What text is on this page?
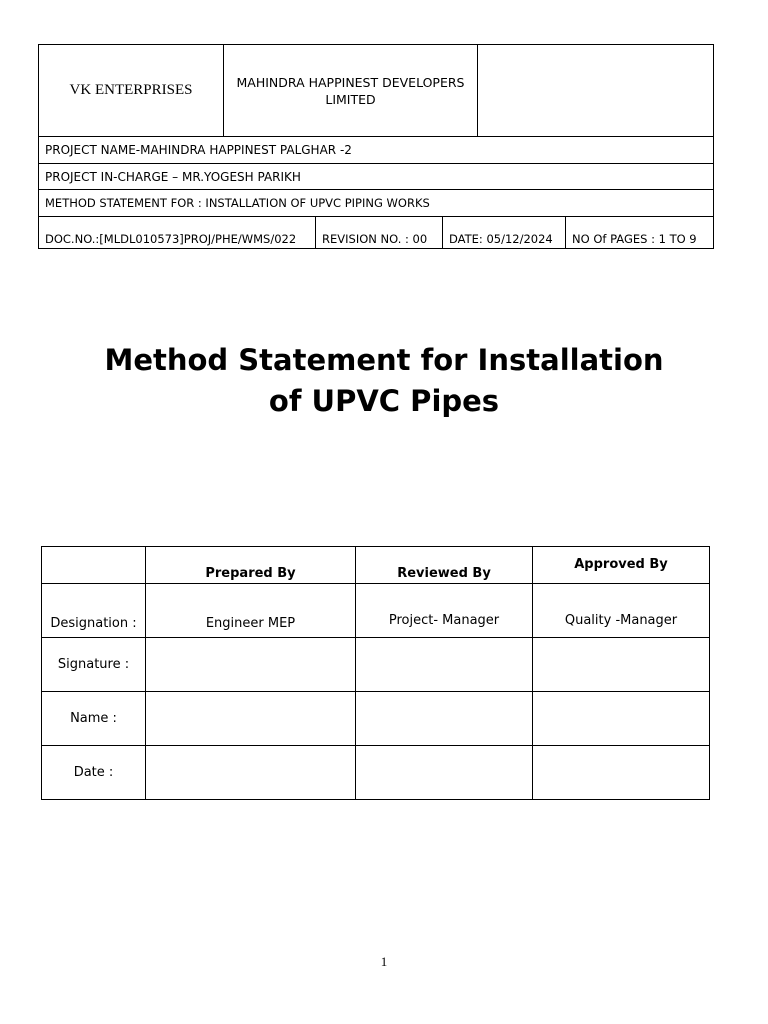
VK ENTERPRISES	MAHINDRA HAPPINEST DEVELOPERS
LIMITED				

PROJECT NAME-MAHINDRA HAPPINEST PALGHAR -2					
PROJECT IN-CHARGE – MR.YOGESH PARIKH					
METHOD STATEMENT FOR : INSTALLATION OF UPVC PIPING WORKS					
DOC.NO.:[MLDL010573]PROJ/PHE/WMS/022		REVISION NO. : 00	DATE: 05/12/2024		NO Of PAGES : 1 TO 9
Method Statement for Installation
of UPVC Pipes
	Prepared By	Reviewed By	Approved By
Designation :	Engineer MEP	Project- Manager	Quality -Manager
Signature :			
Name :			
Date :			
1
